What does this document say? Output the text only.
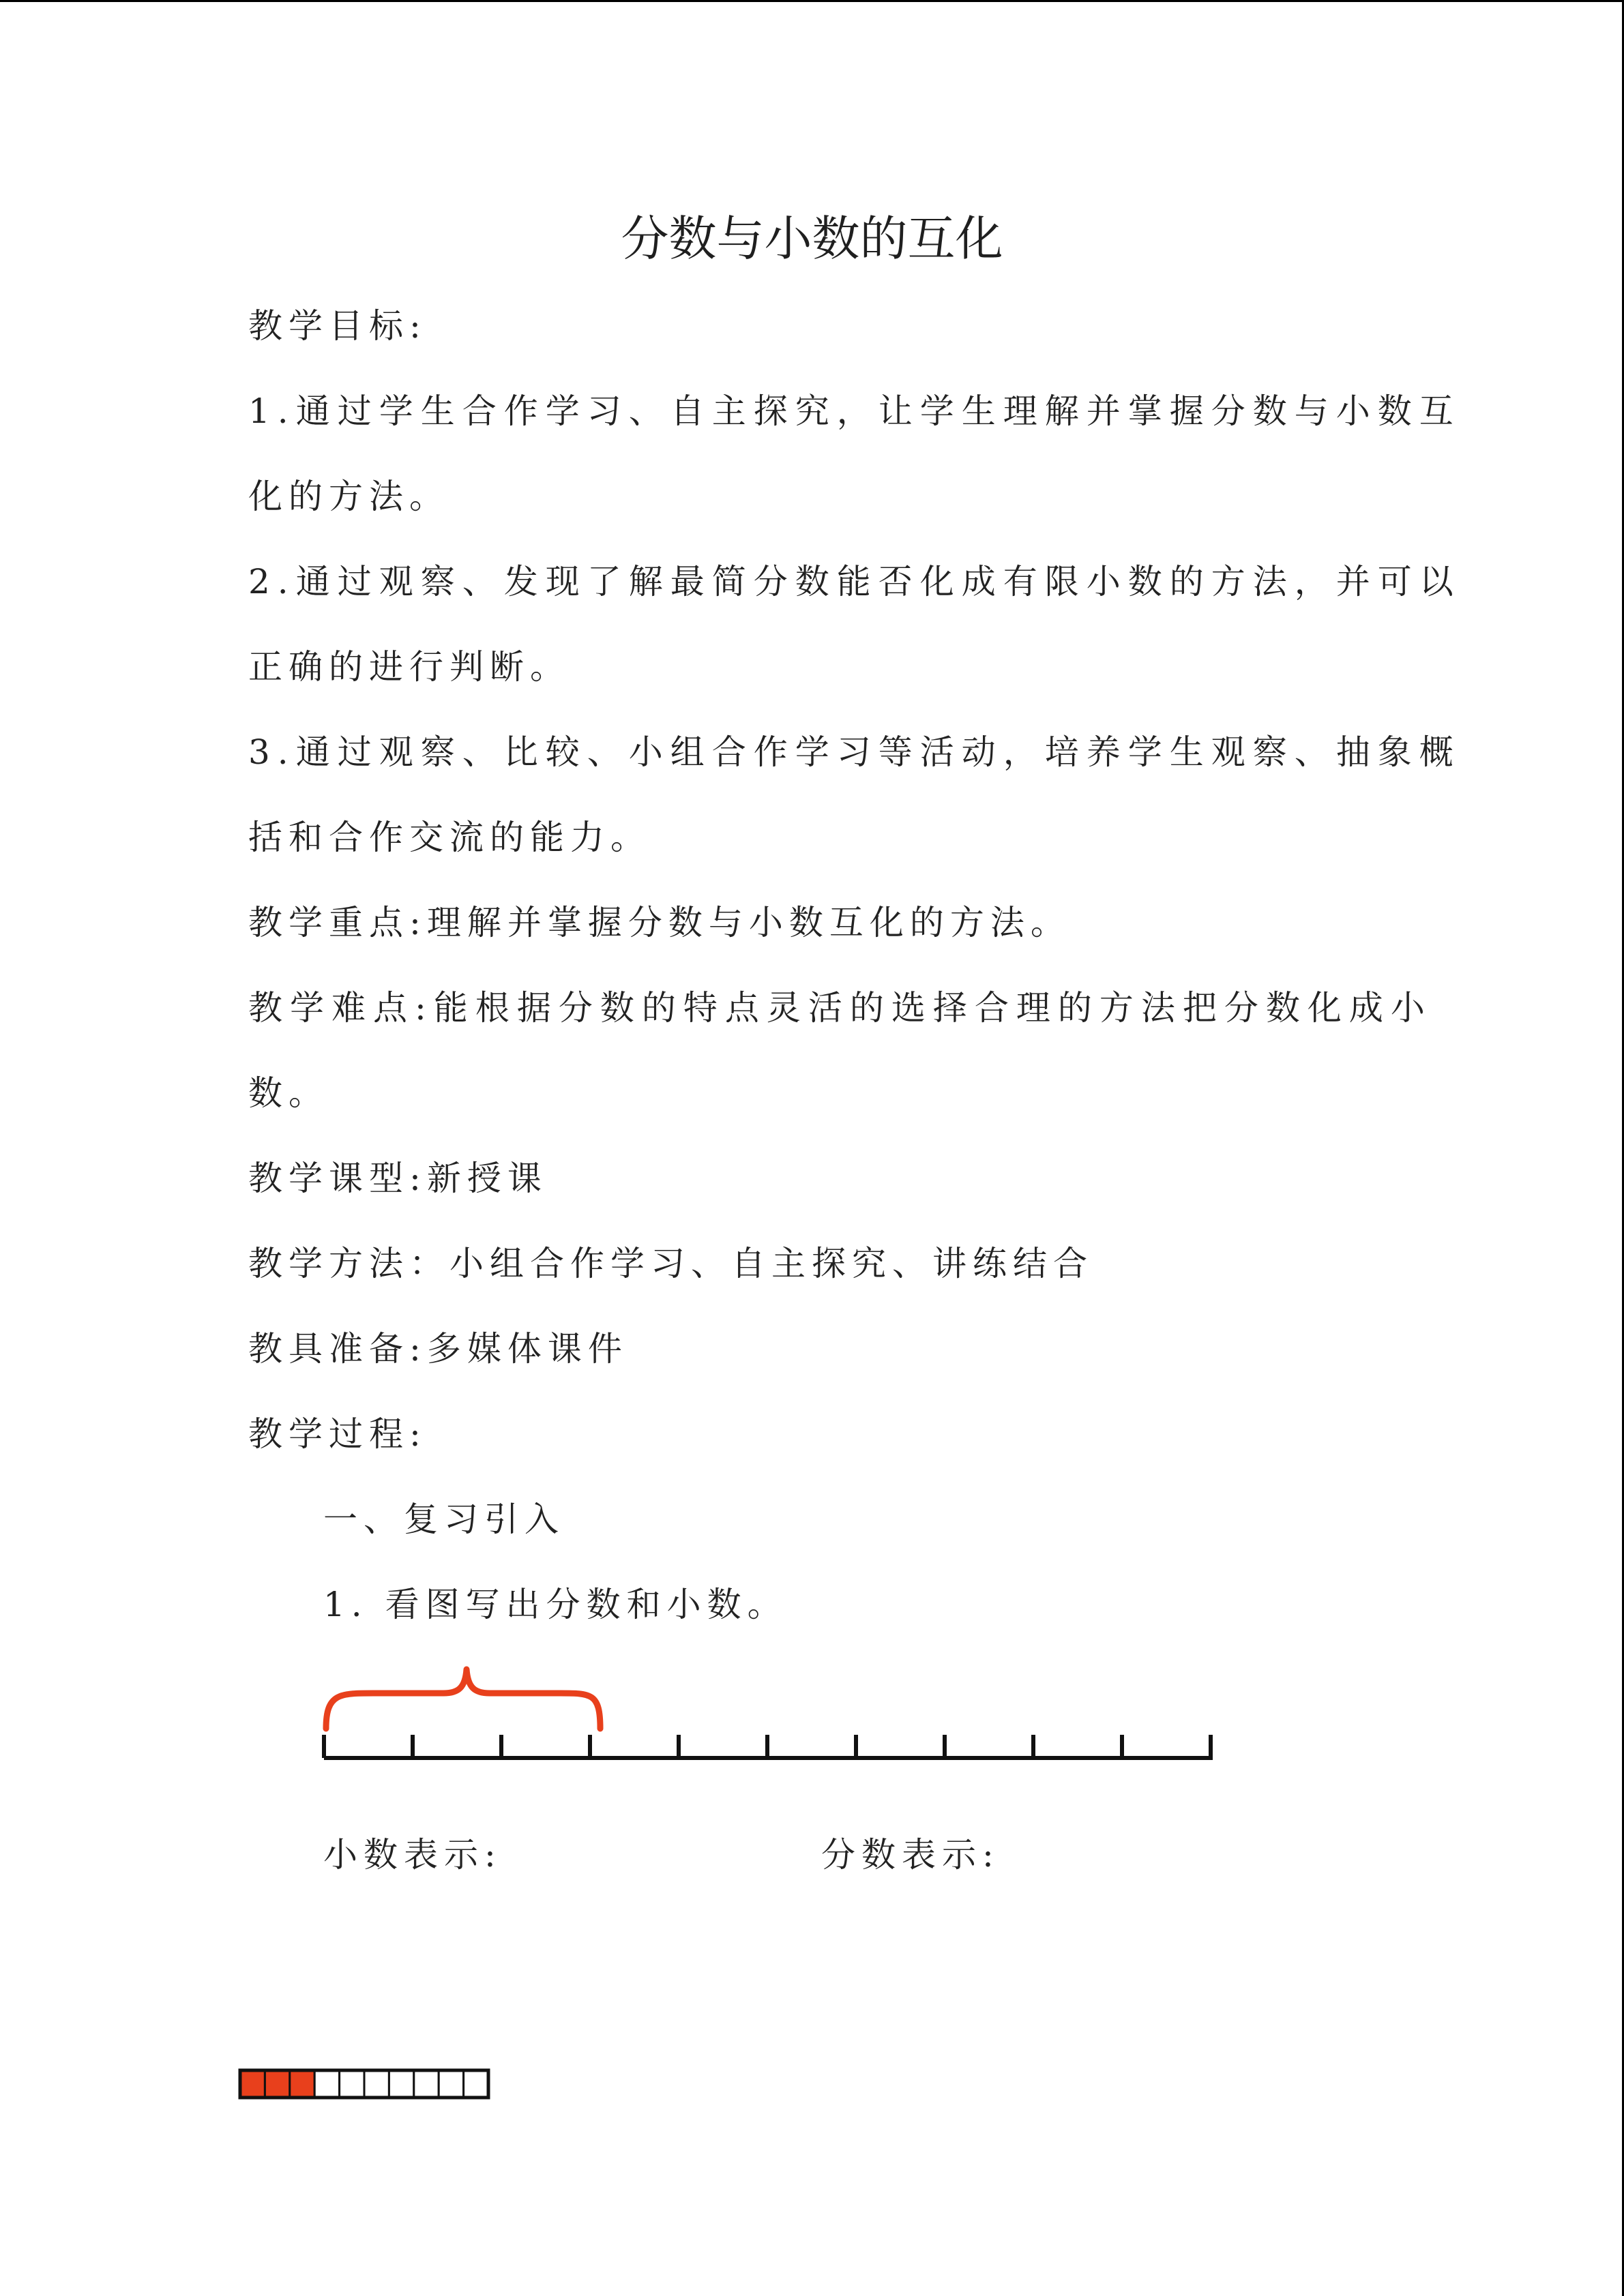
分数与小数的互化
教学目标:
1.通过学生合作学习、自主探究，让学生理解并掌握分数与小数互
化的方法。
2.通过观察、发现了解最简分数能否化成有限小数的方法，并可以
正确的进行判断。
3.通过观察、比较、小组合作学习等活动，培养学生观察、抽象概
括和合作交流的能力。
教学重点:理解并掌握分数与小数互化的方法。
教学难点:能根据分数的特点灵活的选择合理的方法把分数化成小
数。
教学课型:新授课
教学方法：小组合作学习、自主探究、讲练结合
教具准备:多媒体课件
教学过程:
一、复习引入
1. 看图写出分数和小数。
小数表示:	分数表示:
